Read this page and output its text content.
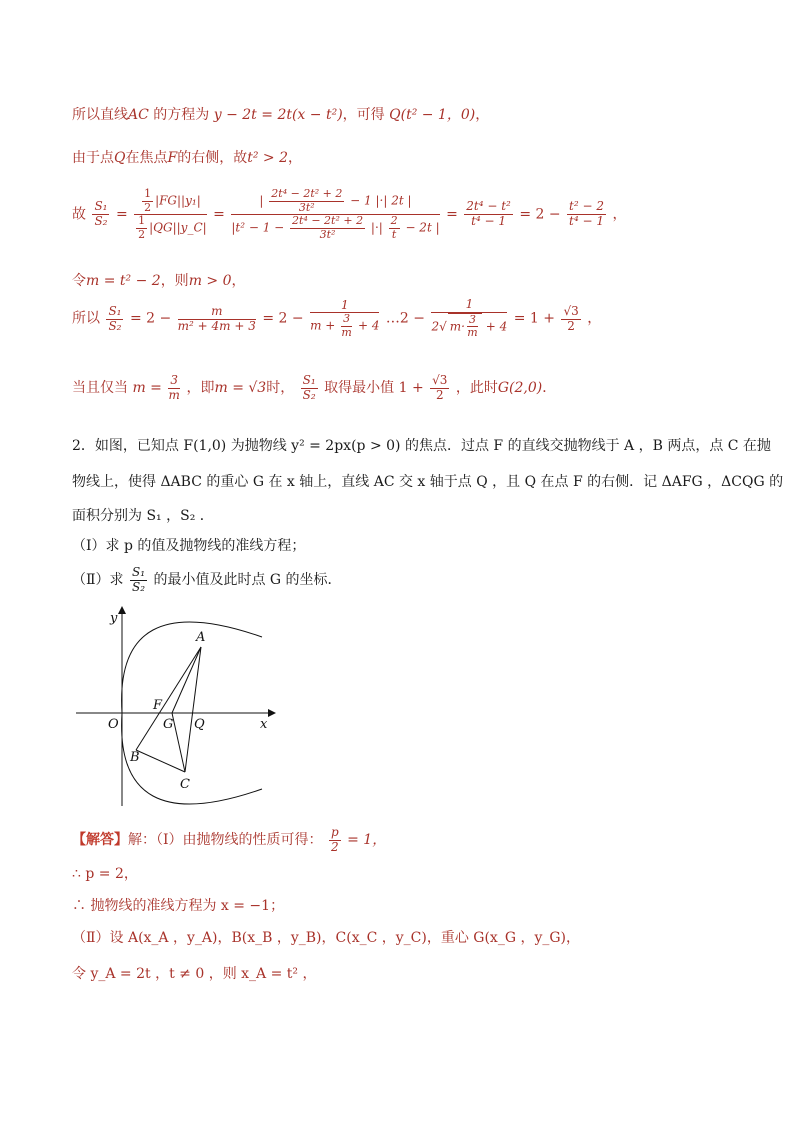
所以直线AC 的方程为 y − 2t = 2t(x − t²)，可得 Q(t² − 1，0)，
由于点Q在焦点F的右侧，故t² > 2，
故 $\frac{\text{S₁}}{\text{S₂}} = \frac{\frac{1}{2} |FG||y_1|}{\frac{1}{2} |QG||y\_C|} = \frac{| \frac{\text{2t⁴ − 2t² + 2}}{\text{3t²}} - 1 |\cdot| 2t |}{|t^2 - 1 - \frac{\text{2t⁴ − 2t² + 2}}{\text{3t²}} |\cdot| \frac{2}{t} - 2t |} = \frac{\text{2t⁴ − t²}}{\text{t⁴ − 1}} = 2 - \frac{\text{t² − 2}}{\text{t⁴ − 1}}$ ，
令m = t² − 2，则m > 0，
所以 $\frac{\text{S₁}}{\text{S₂}} = 2 - \frac{m}{\text{m² + 4m + 3}} = 2 - \frac{1}{m + \frac{3}{m} + 4}$ …2 − $\frac{1}{2√ m\cdot \frac{3}{m} + 4} = 1 + \frac{√3}{2}$ ，
当且仅当 $m = \frac{3}{m}$ ，即m = √3时， $\frac{\text{S₁}}{\text{S₂}}$ 取得最小值 $1 + \frac{√3}{2}$ ，此时G(2,0)．
2．如图，已知点 F(1,0) 为抛物线 y² = 2px(p > 0) 的焦点．过点 F 的直线交抛物线于 A ，B 两点，点 C 在抛
物线上，使得 ΔABC 的重心 G 在 x 轴上，直线 AC 交 x 轴于点 Q ，且 Q 在点 F 的右侧．记 ΔAFG ，ΔCQG 的
面积分别为 S₁ ，S₂ ．
（Ⅰ）求 p 的值及抛物线的准线方程；
（Ⅱ）求 $\frac{\text{S₁}}{\text{S₂}}$ 的最小值及此时点 G 的坐标．
y
x
O
A
B
C
F
G Q
【解答】解：（Ⅰ）由抛物线的性质可得： $\frac{p}{2} = 1$，
∴ p = 2，
∴ 抛物线的准线方程为 x = −1；
（Ⅱ）设 A(x_A ，y_A)，B(x_B ，y_B)，C(x_C ，y_C)，重心 G(x_G ，y_G)，
令 y_A = 2t ，t ≠ 0 ，则 x_A = t² ，
